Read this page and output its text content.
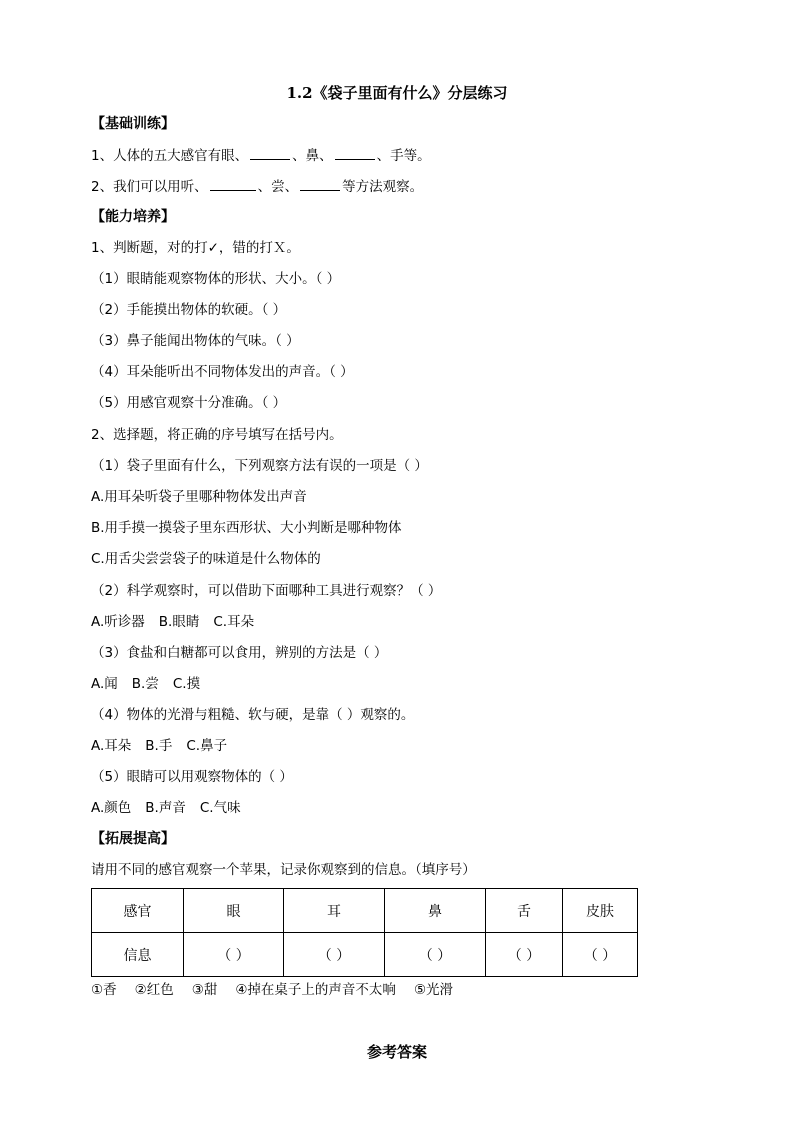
1.2《袋子里面有什么》分层练习
【基础训练】
1、人体的五大感官有眼、	、鼻、	、手等。
2、我们可以用听、	、尝、	等方法观察。
【能力培养】
1、判断题，对的打✓，错的打Ｘ。
（1）眼睛能观察物体的形状、大小。（ ）
（2）手能摸出物体的软硬。（ ）
（3）鼻子能闻出物体的气味。（ ）
（4）耳朵能听出不同物体发出的声音。（ ）
（5）用感官观察十分准确。（ ）
2、选择题，将正确的序号填写在括号内。
（1）袋子里面有什么，下列观察方法有误的一项是（ ）
A.用耳朵听袋子里哪种物体发出声音
B.用手摸一摸袋子里东西形状、大小判断是哪种物体
C.用舌尖尝尝袋子的味道是什么物体的
（2）科学观察时，可以借助下面哪种工具进行观察？（ ）
A.听诊器 B.眼睛 C.耳朵
（3）食盐和白糖都可以食用，辨别的方法是（ ）
A.闻 B.尝 C.摸
（4）物体的光滑与粗糙、软与硬，是靠（ ）观察的。
A.耳朵 B.手 C.鼻子
（5）眼睛可以用观察物体的（ ）
A.颜色 B.声音 C.气味
【拓展提高】
请用不同的感官观察一个苹果，记录你观察到的信息。（填序号）
感官	眼	耳	鼻	舌	皮肤
信息	（ ）	（ ）	（ ）	（ ）	（ ）
①香 ②红色 ③甜 ④掉在桌子上的声音不太响 ⑤光滑
参考答案
